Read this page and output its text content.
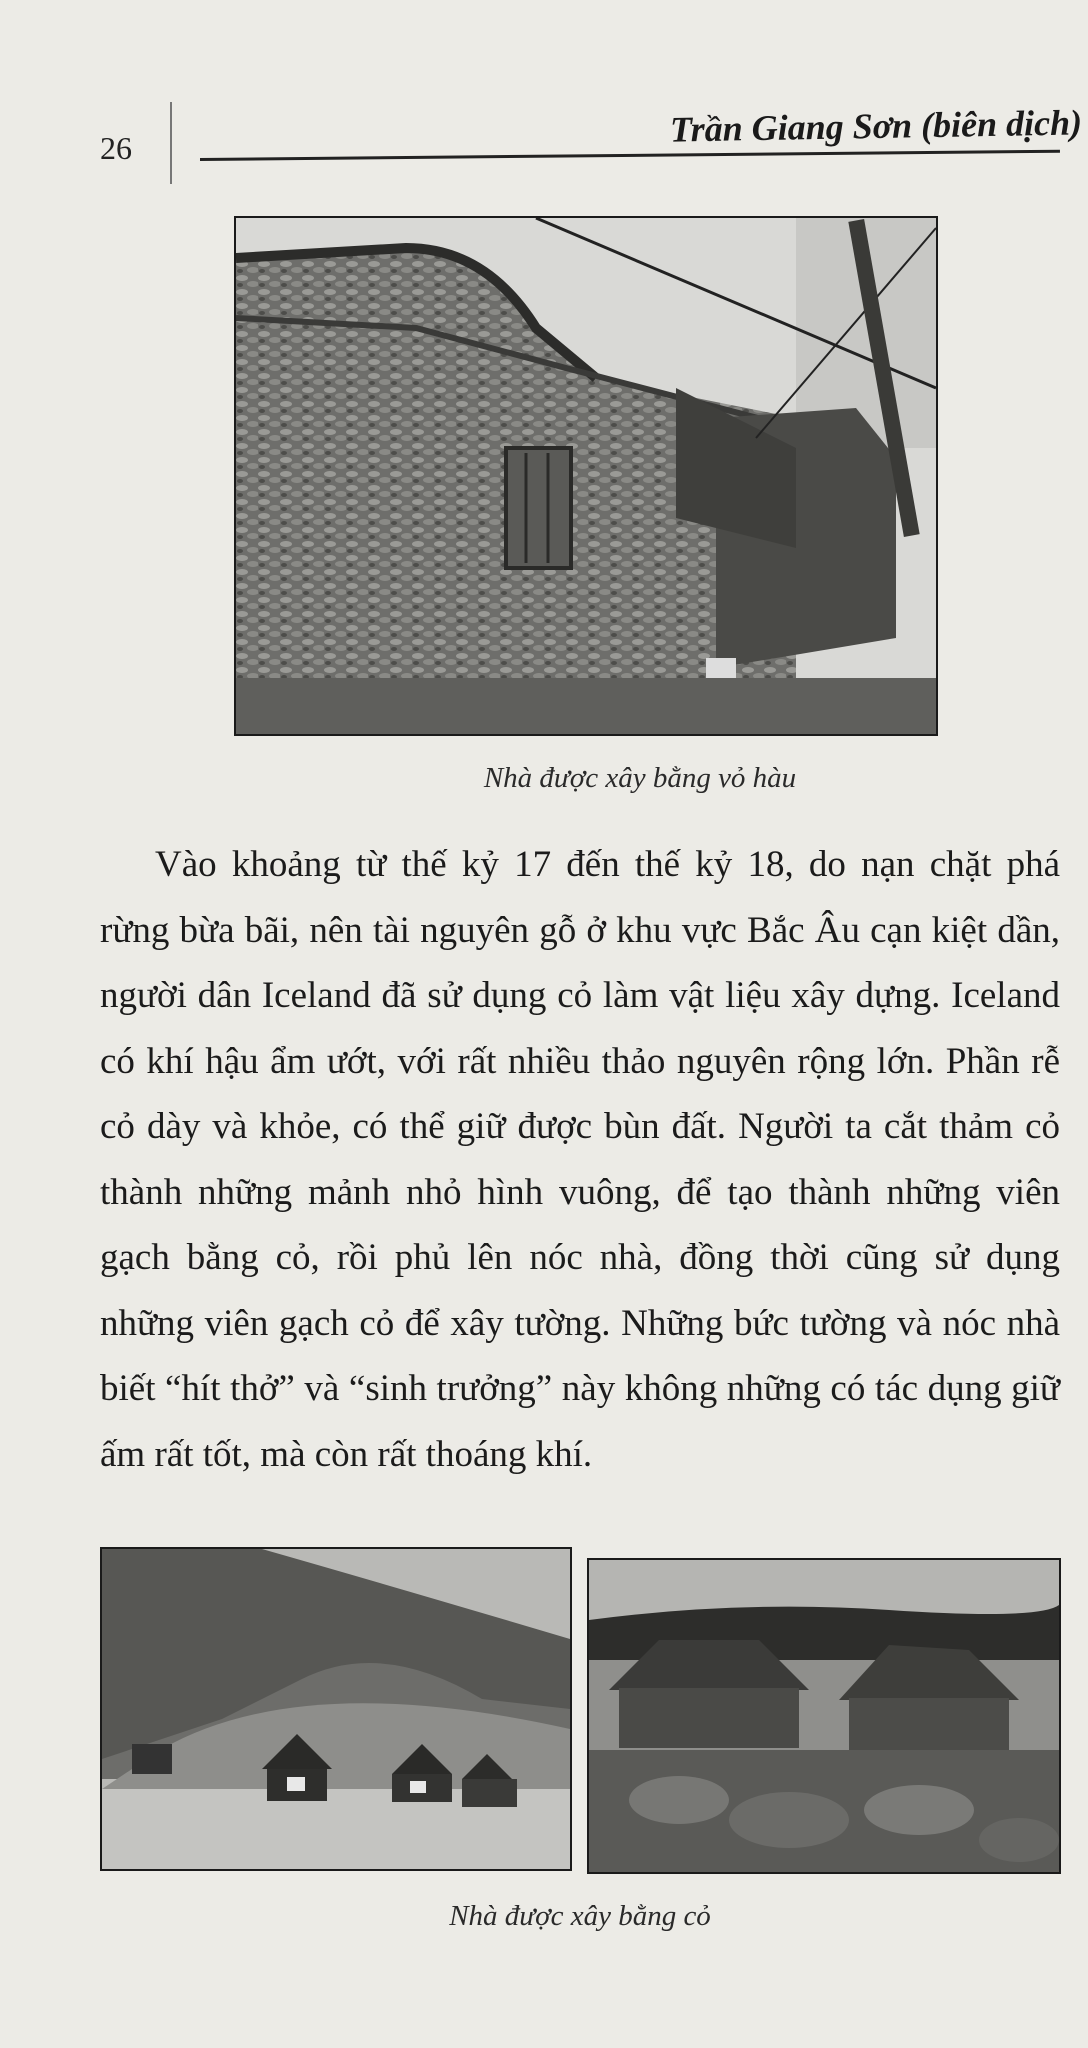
26	Trần Giang Sơn (biên dịch)
Nhà được xây bằng vỏ hàu

Vào khoảng từ thế kỷ 17 đến thế kỷ 18, do nạn chặt phá rừng bừa bãi, nên tài nguyên gỗ ở khu vực Bắc Âu cạn kiệt dần, người dân Iceland đã sử dụng cỏ làm vật liệu xây dựng. Iceland có khí hậu ẩm ướt, với rất nhiều thảo nguyên rộng lớn. Phần rễ cỏ dày và khỏe, có thể giữ được bùn đất. Người ta cắt thảm cỏ thành những mảnh nhỏ hình vuông, để tạo thành những viên gạch bằng cỏ, rồi phủ lên nóc nhà, đồng thời cũng sử dụng những viên gạch cỏ để xây tường. Những bức tường và nóc nhà biết “hít thở” và “sinh trưởng” này không những có tác dụng giữ ấm rất tốt, mà còn rất thoáng khí.

Nhà được xây bằng cỏ
